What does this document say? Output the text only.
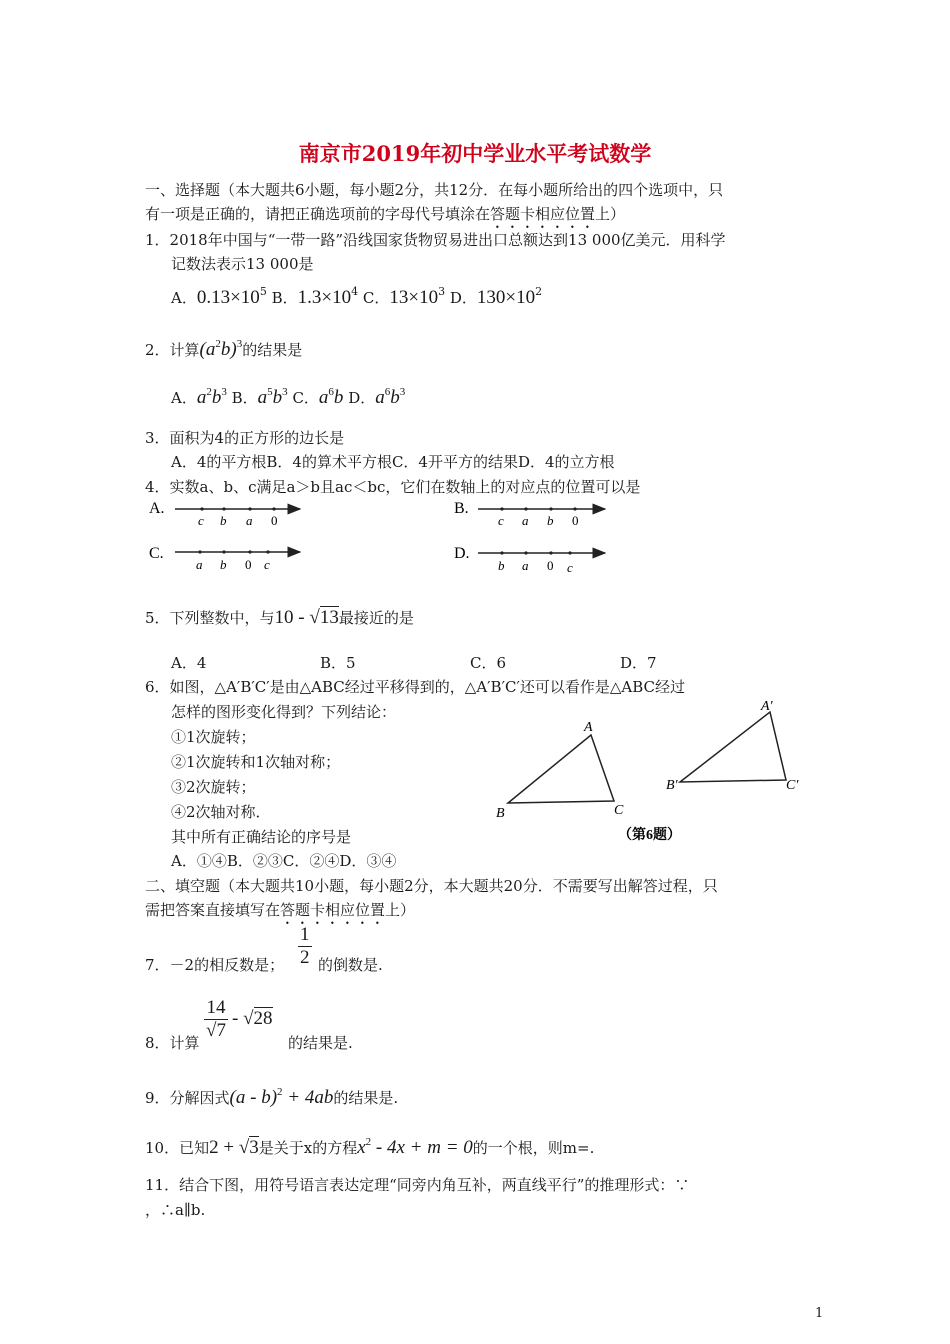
南京市2019年初中学业水平考试数学
一、选择题（本大题共6小题，每小题2分，共12分．在每小题所给出的四个选项中，只
有一项是正确的，请把正确选项前的字母代号填涂在答题卡相应位置上）
1．2018年中国与“一带一路”沿线国家货物贸易进出口总额达到13 000亿美元．用科学
记数法表示13 000是
A．$0.13\times 10^5$ B．$1.3\times 10^4$ C．$13\times 10^3$ D．$130\times 10^2$
2．计算$(a^2b)^3$的结果是
A．$a^2b^3$ B．$a^5b^3$ C．$a^6b$ D．$a^6b^3$
3．面积为4的正方形的边长是
A．4的平方根B．4的算术平方根C．4开平方的结果D．4的立方根
4．实数a、b、c满足a＞b且ac＜bc，它们在数轴上的对应点的位置可以是
A.
c b a 0
B.
c a b 0
C.
a b 0 c
D.
b a 0 c
5．下列整数中，与10 - √13最接近的是
A．4	B．5	C．6	D．7
6．如图，△A′B′C′是由△ABC经过平移得到的，△A′B′C′还可以看作是△ABC经过
怎样的图形变化得到？下列结论：
①1次旋转；
②1次旋转和1次轴对称；
③2次旋转；
④2次轴对称．
其中所有正确结论的序号是
A．①④B．②③C．②④D．③④
A
B	C
A′
B′	C′
（第6题）
二、填空题（本大题共10小题，每小题2分，本大题共20分．不需要写出解答过程，只
需把答案直接填写在答题卡相应位置上）
7．－2的相反数是； $\frac{1}{2}$ 的倒数是.
8．计算
$\frac{14}{√7} - √28$
的结果是.
9．分解因式(a - b)$^2$ + 4ab的结果是.
10．已知2 + √3是关于x的方程$x^2 - 4x + m = 0$的一个根，则m=.
11．结合下图，用符号语言表达定理“同旁内角互补，两直线平行”的推理形式：∵
，∴a∥b.
1
